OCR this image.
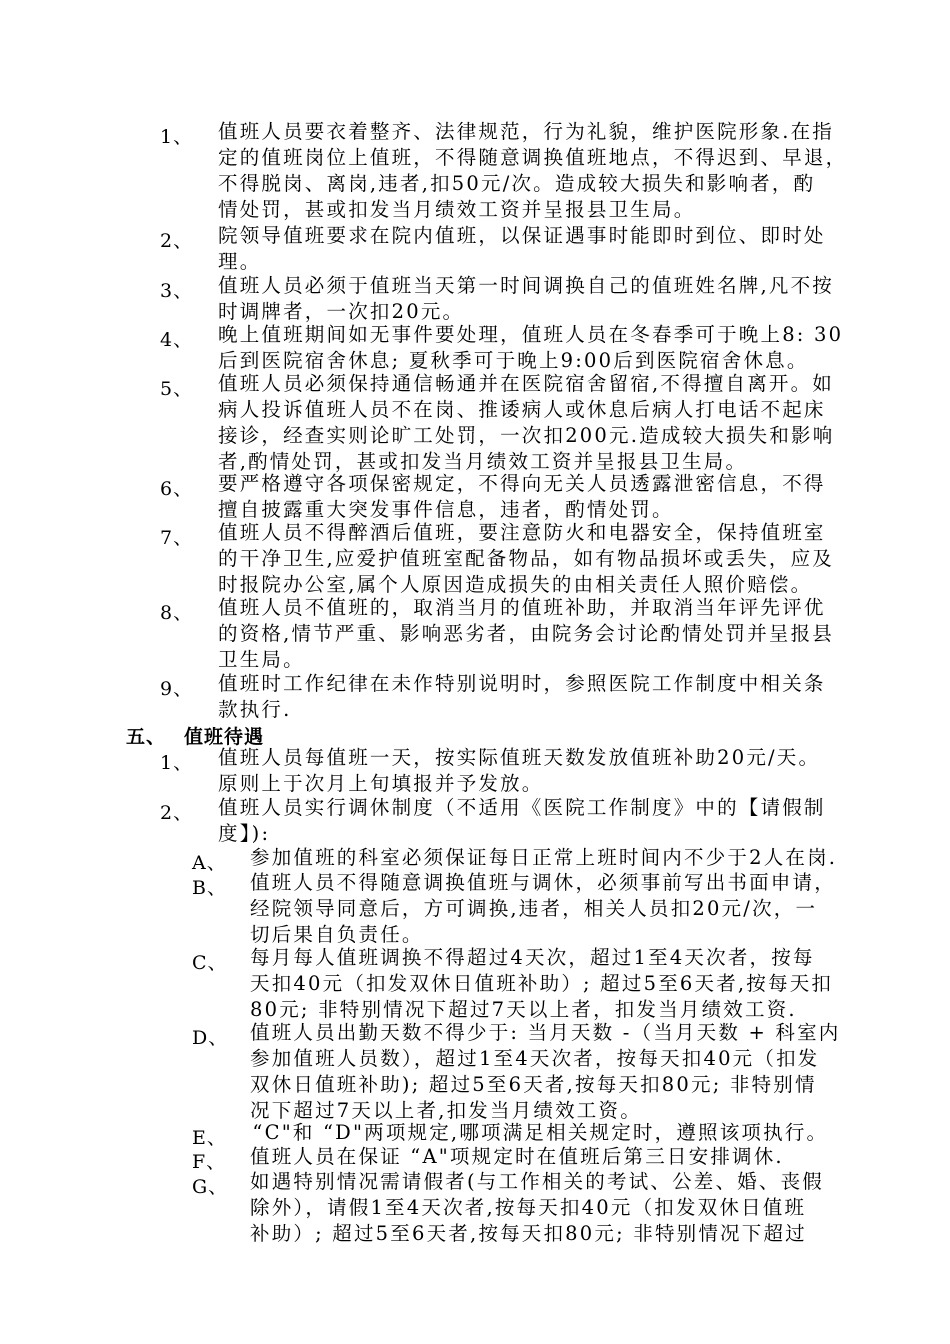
1、 值班人员要衣着整齐、法律规范，行为礼貌，维护医院形象.在指
定的值班岗位上值班，不得随意调换值班地点，不得迟到、早退，
不得脱岗、离岗,违者,扣50元/次。造成较大损失和影响者，酌
情处罚，甚或扣发当月绩效工资并呈报县卫生局。
2、 院领导值班要求在院内值班，以保证遇事时能即时到位、即时处
理。
3、 值班人员必须于值班当天第一时间调换自己的值班姓名牌,凡不按
时调牌者，一次扣20元。
4、 晚上值班期间如无事件要处理，值班人员在冬春季可于晚上8: 30
后到医院宿舍休息; 夏秋季可于晚上9:00后到医院宿舍休息。
5、 值班人员必须保持通信畅通并在医院宿舍留宿,不得擅自离开。如
病人投诉值班人员不在岗、推诿病人或休息后病人打电话不起床
接诊，经查实则论旷工处罚，一次扣200元.造成较大损失和影响
者,酌情处罚，甚或扣发当月绩效工资并呈报县卫生局。
6、 要严格遵守各项保密规定，不得向无关人员透露泄密信息，不得
擅自披露重大突发事件信息，违者，酌情处罚。
7、 值班人员不得醉酒后值班，要注意防火和电器安全，保持值班室
的干净卫生,应爱护值班室配备物品，如有物品损坏或丢失，应及
时报院办公室,属个人原因造成损失的由相关责任人照价赔偿。
8、 值班人员不值班的，取消当月的值班补助，并取消当年评先评优
的资格,情节严重、影响恶劣者，由院务会讨论酌情处罚并呈报县
卫生局。
9、 值班时工作纪律在未作特别说明时，参照医院工作制度中相关条
款执行.
五、 值班待遇
1、 值班人员每值班一天，按实际值班天数发放值班补助20元/天。
原则上于次月上旬填报并予发放。
2、 值班人员实行调休制度（不适用《医院工作制度》中的【请假制
度】):
A、 参加值班的科室必须保证每日正常上班时间内不少于2人在岗.
B、 值班人员不得随意调换值班与调休，必须事前写出书面申请，
经院领导同意后，方可调换,违者，相关人员扣20元/次，一
切后果自负责任。
C、 每月每人值班调换不得超过4天次，超过1至4天次者，按每
天扣40元（扣发双休日值班补助）; 超过5至6天者,按每天扣
80元; 非特别情况下超过7天以上者，扣发当月绩效工资.
D、 值班人员出勤天数不得少于: 当月天数 -（当月天数 + 科室内
参加值班人员数），超过1至4天次者，按每天扣40元（扣发
双休日值班补助); 超过5至6天者,按每天扣80元; 非特别情
况下超过7天以上者,扣发当月绩效工资。
E、 “C"和 “D"两项规定,哪项满足相关规定时，遵照该项执行。
F、 值班人员在保证 “A"项规定时在值班后第三日安排调休.
G、 如遇特别情况需请假者(与工作相关的考试、公差、婚、丧假
除外），请假1至4天次者,按每天扣40元（扣发双休日值班
补助）; 超过5至6天者,按每天扣80元; 非特别情况下超过
